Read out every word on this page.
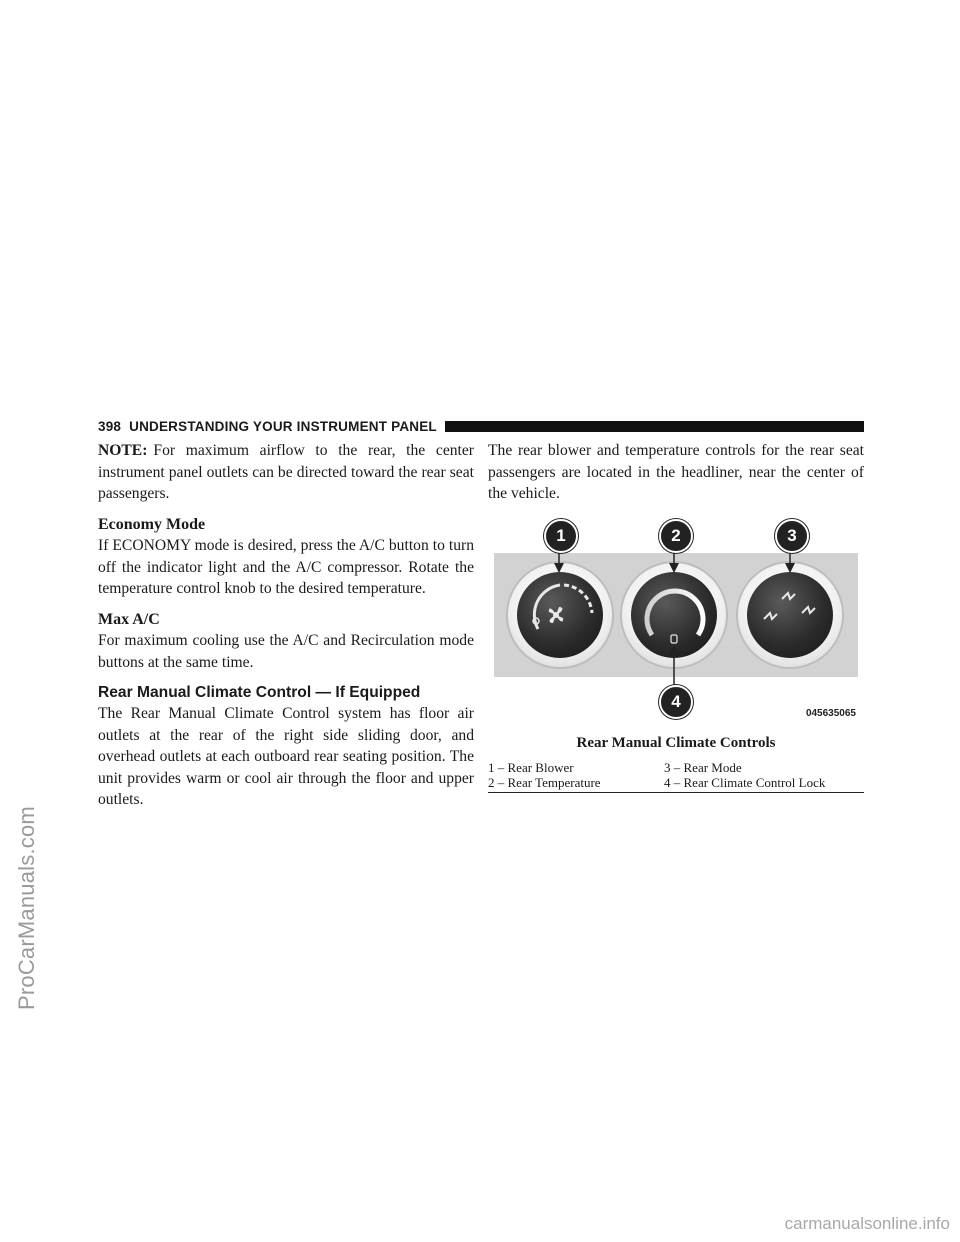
ProCarManuals.com
carmanualsonline.info
398 UNDERSTANDING YOUR INSTRUMENT PANEL

NOTE: For maximum airflow to the rear, the center instrument panel outlets can be directed toward the rear seat passengers.

Economy Mode

If ECONOMY mode is desired, press the A/C button to turn off the indicator light and the A/C compressor. Rotate the temperature control knob to the desired temperature.

Max A/C

For maximum cooling use the A/C and Recirculation mode buttons at the same time.

Rear Manual Climate Control — If Equipped

The Rear Manual Climate Control system has floor air outlets at the rear of the right side sliding door, and overhead outlets at each outboard rear seating position. The unit provides warm or cool air through the floor and upper outlets.

The rear blower and temperature controls for the rear seat passengers are located in the headliner, near the center of the vehicle.

1	2	3
4
045635065
Rear Manual Climate Controls
1 – Rear Blower	3 – Rear Mode
2 – Rear Temperature	4 – Rear Climate Control Lock
